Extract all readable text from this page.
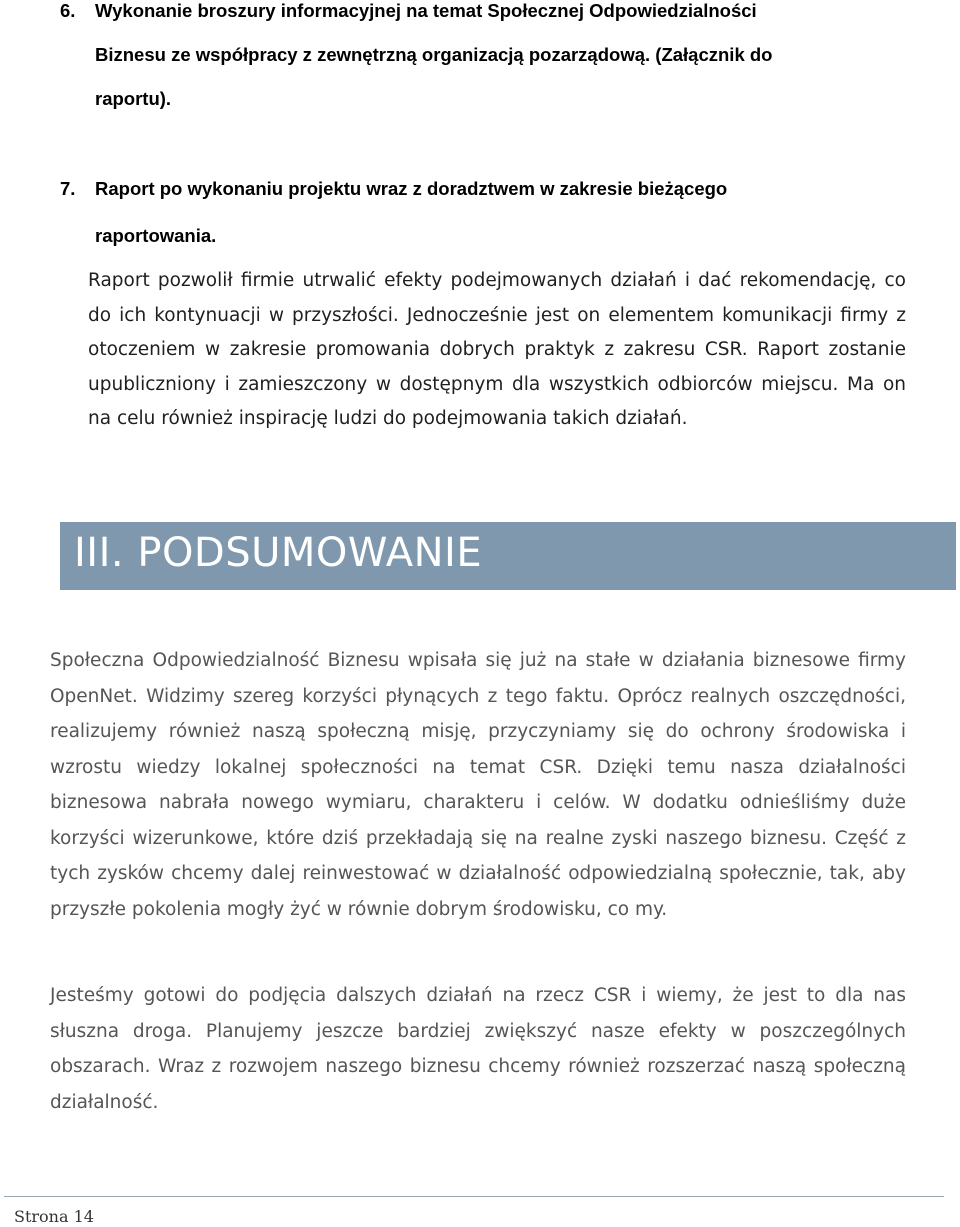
6. Wykonanie broszury informacyjnej na temat Społecznej Odpowiedzialności
Biznesu ze współpracy z zewnętrzną organizacją pozarządową. (Załącznik do
raportu).
7. Raport po wykonaniu projektu wraz z doradztwem w zakresie bieżącego
raportowania.

Raport pozwolił firmie utrwalić efekty podejmowanych działań i dać rekomendację, co do ich kontynuacji w przyszłości. Jednocześnie jest on elementem komunikacji firmy z otoczeniem w zakresie promowania dobrych praktyk z zakresu CSR. Raport zostanie upubliczniony i zamieszczony w dostępnym dla wszystkich odbiorców miejscu. Ma on na celu również inspirację ludzi do podejmowania takich działań.

III. PODSUMOWANIE

Społeczna Odpowiedzialność Biznesu wpisała się już na stałe w działania biznesowe firmy OpenNet. Widzimy szereg korzyści płynących z tego faktu. Oprócz realnych oszczędności, realizujemy również naszą społeczną misję, przyczyniamy się do ochrony środowiska i wzrostu wiedzy lokalnej społeczności na temat CSR. Dzięki temu nasza działalności biznesowa nabrała nowego wymiaru, charakteru i celów. W dodatku odnieśliśmy duże korzyści wizerunkowe, które dziś przekładają się na realne zyski naszego biznesu. Część z tych zysków chcemy dalej reinwestować w działalność odpowiedzialną społecznie, tak, aby przyszłe pokolenia mogły żyć w równie dobrym środowisku, co my.

Jesteśmy gotowi do podjęcia dalszych działań na rzecz CSR i wiemy, że jest to dla nas słuszna droga. Planujemy jeszcze bardziej zwiększyć nasze efekty w poszczególnych obszarach. Wraz z rozwojem naszego biznesu chcemy również rozszerzać naszą społeczną działalność.

Strona 14
